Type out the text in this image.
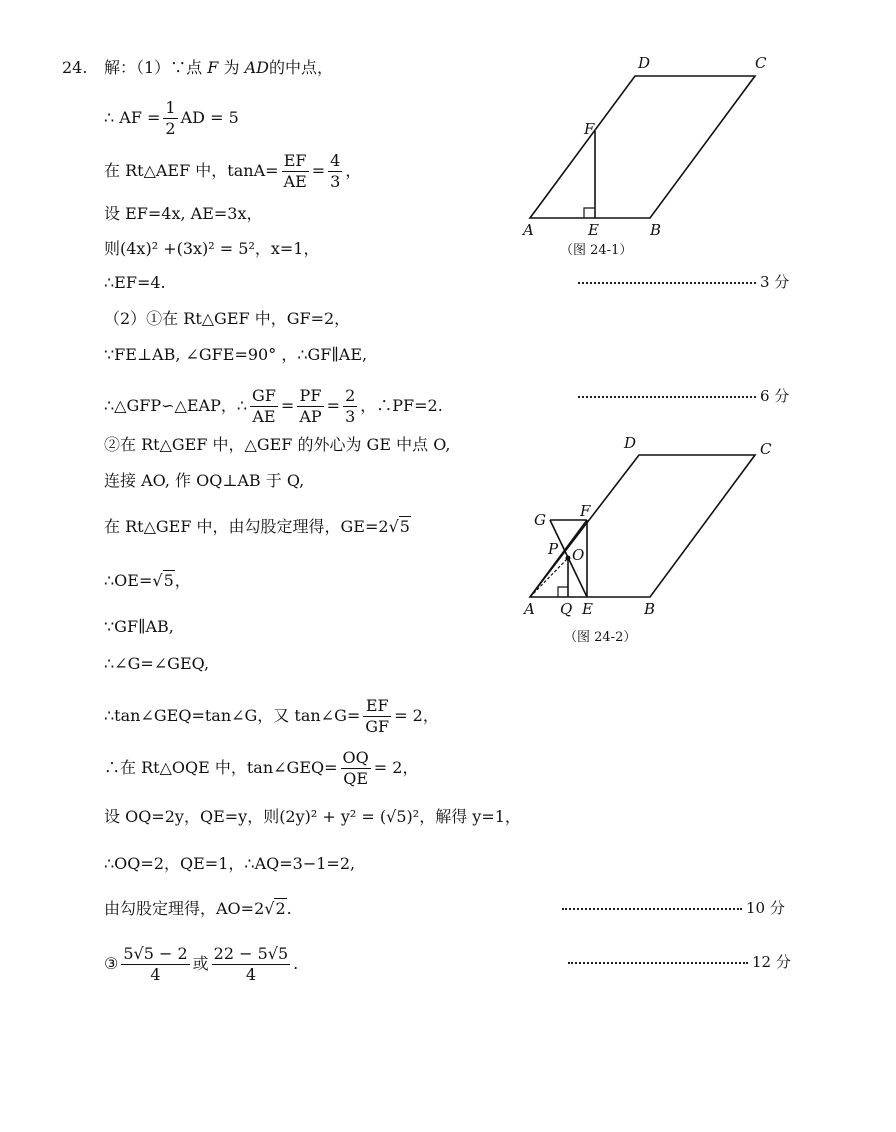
24. 解：（1）∵点 F 为 AD的中点，
∴ AF = $\frac{1}{2}$ AD = 5
在 Rt△AEF 中，$\tan A= \frac{EF}{AE} = \frac{4}{3}$ ，
设 EF=4x, AE=3x，
则(4x)² +(3x)² = 5²，x=1，
∴EF=4.
（2）①在 Rt△GEF 中，GF=2，
∵FE⊥AB, ∠GFE=90° ，∴GF∥AE,
∴△GFP∽△EAP，∴ $\frac{GF}{AE} = \frac{PF}{AP} = \frac{2}{3}$ ，∴PF=2.
②在 Rt△GEF 中，△GEF 的外心为 GE 中点 O,
连接 AO, 作 OQ⊥AB 于 Q,
在 Rt△GEF 中，由勾股定理得，GE=2√5
∴OE=√5，
∵GF∥AB,
∴∠G=∠GEQ,
∴tan∠GEQ=tan∠G，又 tan∠G= $\frac{EF}{GF} = 2$，
∴在 Rt△OQE 中，tan∠GEQ= $\frac{OQ}{QE} = 2$，
设 OQ=2y，QE=y，则(2y)² + y² = (√5)²，解得 y=1，
∴OQ=2，QE=1，∴AQ=3−1=2,
由勾股定理得，AO=2√2.
③ $\frac{5√5 - 2}{4}$ 或 $\frac{22 - 5√5}{4}$ .
3 分
6 分
10 分
12 分
A	B
C
D
E
F
（图 24-1）
A	B
C
D
E
F
G
O
P
Q
（图 24-2）
